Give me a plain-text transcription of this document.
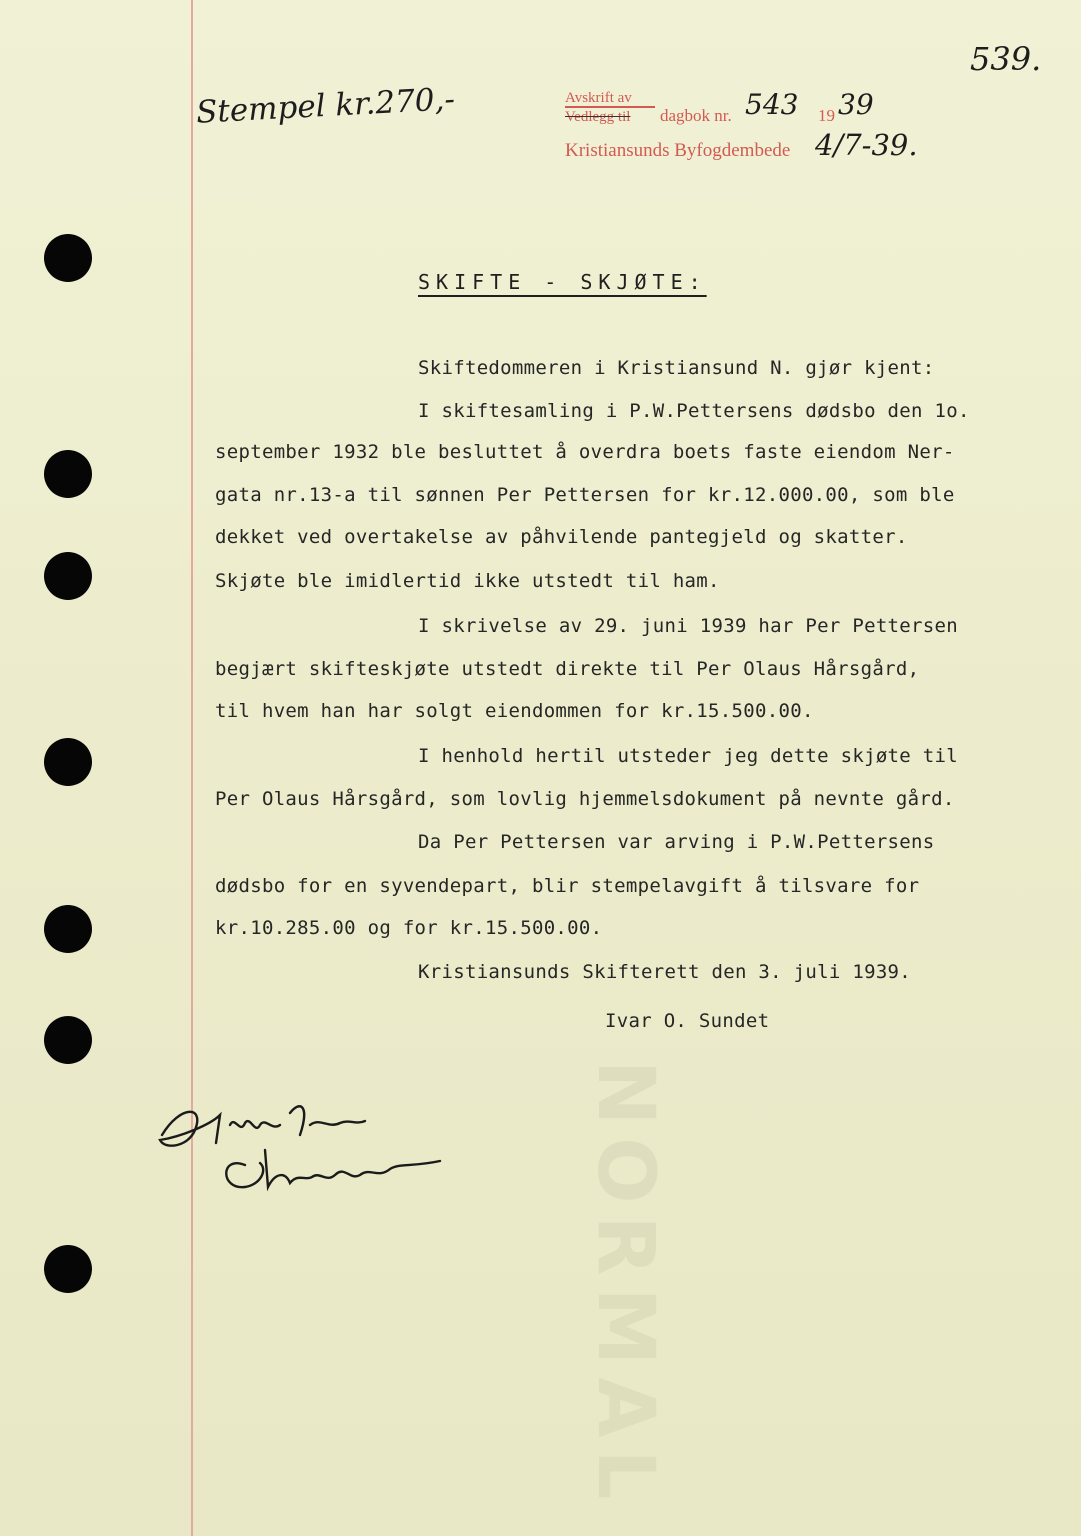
NORMAL
539.
Stempel kr.270,-	Avskrift av
Vedlegg til dagbok nr. 543 19 39
Kristiansunds Byfogdembede 4/7-39.
SKIFTE - SKJØTE:

Skiftedommeren i Kristiansund N. gjør kjent:

I skiftesamling i P.W.Pettersens dødsbo den 1o.

september 1932 ble besluttet å overdra boets faste eiendom Ner-

gata nr.13-a til sønnen Per Pettersen for kr.12.000.00, som ble

dekket ved overtakelse av påhvilende pantegjeld og skatter.

Skjøte ble imidlertid ikke utstedt til ham.

I skrivelse av 29. juni 1939 har Per Pettersen

begjært skifteskjøte utstedt direkte til Per Olaus Hårsgård,

til hvem han har solgt eiendommen for kr.15.500.00.

I henhold hertil utsteder jeg dette skjøte til

Per Olaus Hårsgård, som lovlig hjemmelsdokument på nevnte gård.

Da Per Pettersen var arving i P.W.Pettersens

dødsbo for en syvendepart, blir stempelavgift å tilsvare for

kr.10.285.00 og for kr.15.500.00.

Kristiansunds Skifterett den 3. juli 1939.

Ivar O. Sundet
